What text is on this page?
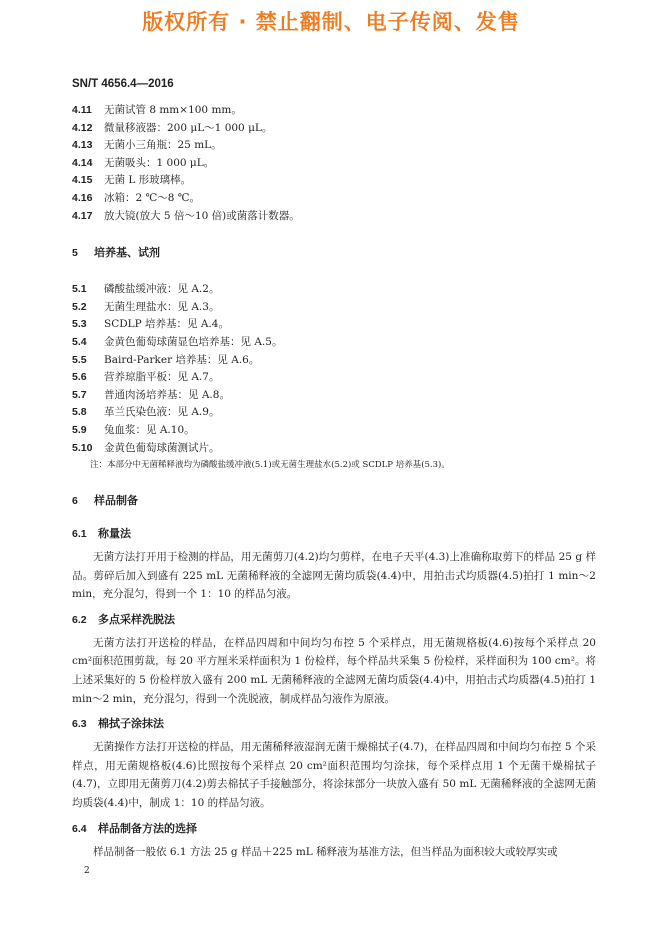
版权所有 · 禁止翻制、电子传阅、发售
SN/T 4656.4—2016
4.11 无菌试管 8 mm×100 mm。
4.12 微量移液器：200 μL～1 000 μL。
4.13 无菌小三角瓶：25 mL。
4.14 无菌吸头：1 000 μL。
4.15 无菌 L 形玻璃棒。
4.16 冰箱：2 ℃～8 ℃。
4.17 放大镜(放大 5 倍～10 倍)或菌落计数器。
5 培养基、试剂
5.1 磷酸盐缓冲液：见 A.2。
5.2 无菌生理盐水：见 A.3。
5.3 SCDLP 培养基：见 A.4。
5.4 金黄色葡萄球菌显色培养基：见 A.5。
5.5 Baird-Parker 培养基：见 A.6。
5.6 营养琼脂平板：见 A.7。
5.7 普通肉汤培养基：见 A.8。
5.8 革兰氏染色液：见 A.9。
5.9 兔血浆：见 A.10。
5.10 金黄色葡萄球菌测试片。
注：本部分中无菌稀释液均为磷酸盐缓冲液(5.1)或无菌生理盐水(5.2)或 SCDLP 培养基(5.3)。
6 样品制备
6.1 称量法
无菌方法打开用于检测的样品，用无菌剪刀(4.2)均匀剪样，在电子天平(4.3)上准确称取剪下的样品 25 g 样品。剪碎后加入到盛有 225 mL 无菌稀释液的全滤网无菌均质袋(4.4)中，用拍击式均质器(4.5)拍打 1 min～2 min，充分混匀，得到一个 1：10 的样品匀液。
6.2 多点采样洗脱法
无菌方法打开送检的样品，在样品四周和中间均匀布控 5 个采样点，用无菌规格板(4.6)按每个采样点 20 cm²面积范围剪裁，每 20 平方厘米采样面积为 1 份检样，每个样品共采集 5 份检样，采样面积为 100 cm²。将上述采集好的 5 份检样放入盛有 200 mL 无菌稀释液的全滤网无菌均质袋(4.4)中，用拍击式均质器(4.5)拍打 1 min～2 min，充分混匀，得到一个洗脱液，制成样品匀液作为原液。
6.3 棉拭子涂抹法
无菌操作方法打开送检的样品，用无菌稀释液湿润无菌干燥棉拭子(4.7)，在样品四周和中间均匀布控 5 个采样点，用无菌规格板(4.6)比照按每个采样点 20 cm²面积范围均匀涂抹，每个采样点用 1 个无菌干燥棉拭子(4.7)，立即用无菌剪刀(4.2)剪去棉拭子手接触部分，将涂抹部分一块放入盛有 50 mL 无菌稀释液的全滤网无菌均质袋(4.4)中，制成 1：10 的样品匀液。
6.4 样品制备方法的选择
样品制备一般依 6.1 方法 25 g 样品＋225 mL 稀释液为基准方法，但当样品为面积较大或较厚实或
2
